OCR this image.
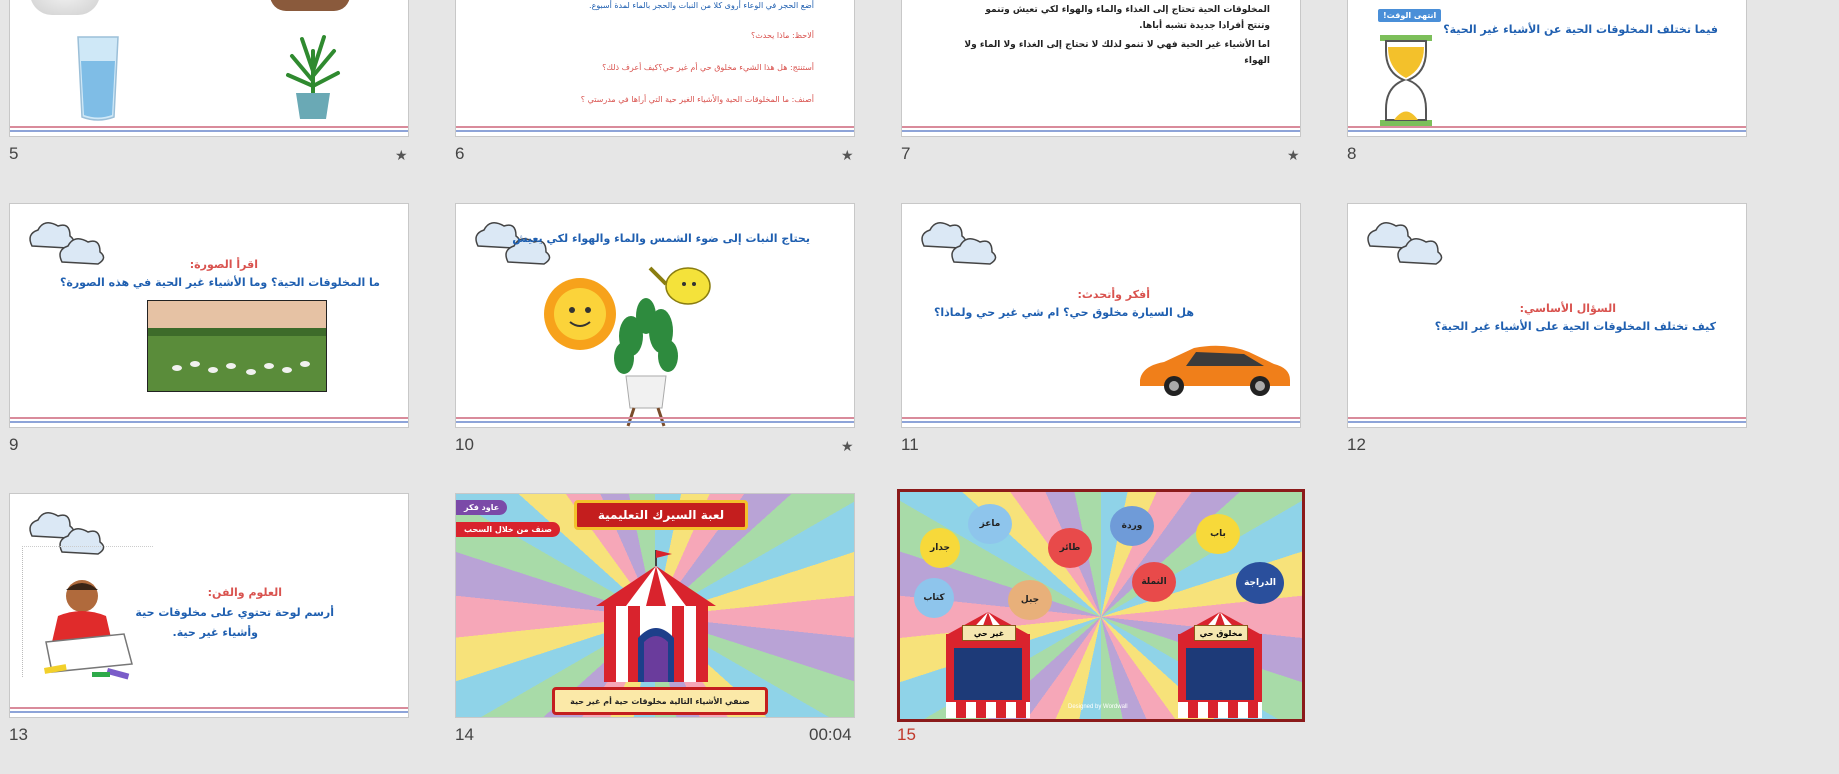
5	★
أضع الحجر في الوعاء أروى كلا من النبات والحجر بالماء لمدة أسبوع.
ألاحظ: ماذا يحدث؟
أستنتج: هل هذا الشيء مخلوق حي أم غير حي؟كيف أعرف ذلك؟
أصنف: ما المخلوقات الحية والأشياء الغير حية التي أراها في مدرستي ؟
6	★
المخلوقات الحية تحتاج إلى الغذاء والماء والهواء لكي تعيش وتنمو
وتنتج أفرادا جديدة تشبه أباها.
اما الأشياء غير الحية فهي لا تنمو لذلك لا تحتاج إلى الغذاء ولا الماء ولا
الهواء
7	★
انتهى الوقت!
فيما تختلف المخلوقات الحية عن الأشياء غير الحية؟
8
اقرأ الصورة:
ما المخلوقات الحية؟ وما الأشياء غير الحية في هذه الصورة؟
9
يحتاج النبات إلى ضوء الشمس والماء والهواء لكي يعيش
10	★
أفكر وأتحدث:
هل السيارة مخلوق حي؟ ام شي غير حي ولماذا؟
11
السؤال الأساسي:
كيف تختلف المخلوقات الحية على الأشياء غير الحية؟
12
العلوم والفن:
أرسم لوحة تحتوي على مخلوقات حية
وأشياء غير حية.
13
عاود فكر
صنف من خلال السحب
لعبة السيرك التعليمية
صنفي الأشياء التالية مخلوقات حية أم غير حية
14	00:04
جدار
ماعز
طائر
وردة
باب
كتاب	جبل
النملة	الدراجة
غير حي	مخلوق حي
Designed by Wordwall
15
